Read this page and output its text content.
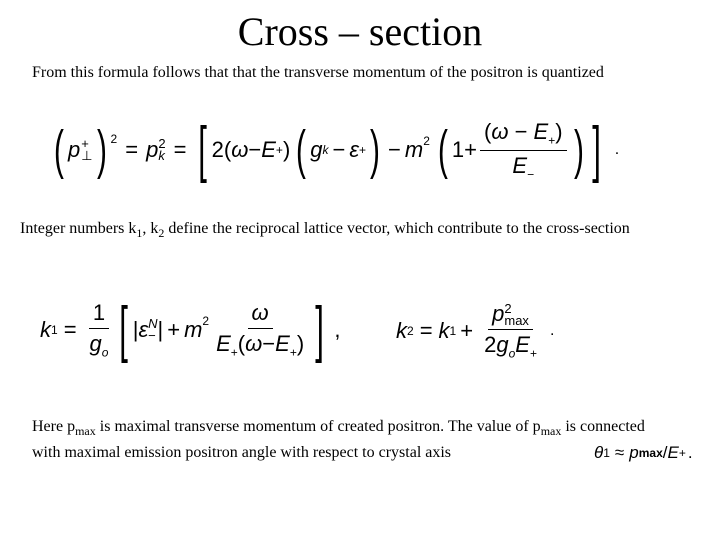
Cross – section
From this formula follows that that the transverse momentum of the positron is quantized
( p +
⊥ ) $^2$ = p 2
k = [ 2( ω − E + ) ( g k − ε + ) − $m^2$ ( $1+ \frac{(\omega - E_+)}{E_-}$ ) ] .
Integer numbers $k_1$, $k_2$ define the reciprocal lattice vector, which contribute to the cross-section
k $1 = \frac{1}{g_o}$ [ | ε N
− | + $m^2 \frac{\omega}{E_+(\omega-E_+)}$ ] ,	k 2 = k 1 + p 2
max
$2g_oE_+$ .
Here $p_{max}$ is maximal transverse momentum of created positron. The value of $p_{max}$ is connected with maximal emission positron angle with respect to crystal axis	θ 1 ≈ p max / E + .
